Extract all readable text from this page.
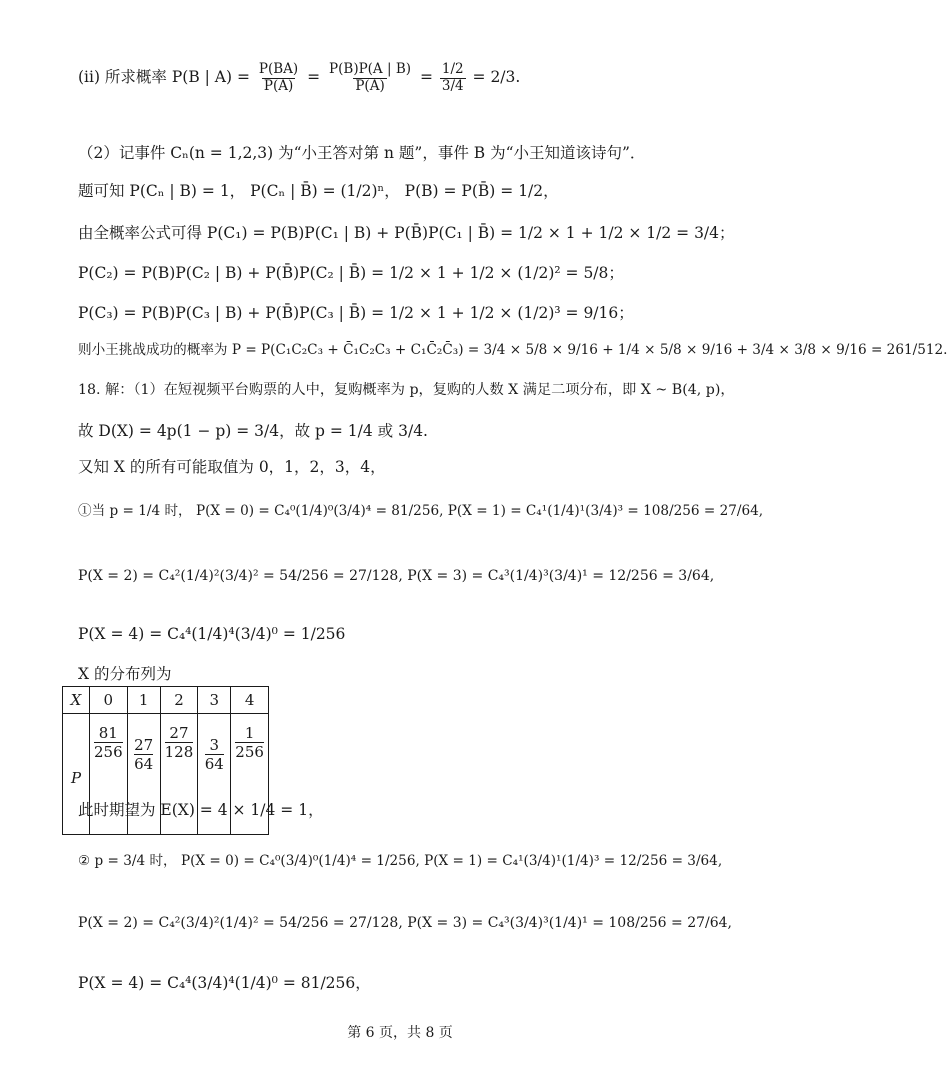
(ii) 所求概率 P(B | $A) = \frac{P(BA)}{P(A)} = \frac{P(B)P(A | B)}{P(A)} = \frac{1/2}{3/4} = 2/3$.
（2）记事件 Cₙ(n = 1,2,3) 为“小王答对第 n 题”，事件 B 为“小王知道该诗句”．
题可知 P(Cₙ | B) = 1， P(Cₙ | B̄) = (1/2)ⁿ， P(B) = P(B̄) = 1/2，
由全概率公式可得 P(C₁) = P(B)P(C₁ | B) + P(B̄)P(C₁ | B̄) = 1/2 × 1 + 1/2 × 1/2 = 3/4；
P(C₂) = P(B)P(C₂ | B) + P(B̄)P(C₂ | B̄) = 1/2 × 1 + 1/2 × (1/2)² = 5/8；
P(C₃) = P(B)P(C₃ | B) + P(B̄)P(C₃ | B̄) = 1/2 × 1 + 1/2 × (1/2)³ = 9/16；
则小王挑战成功的概率为 P = P(C₁C₂C₃ + C̄₁C₂C₃ + C₁C̄₂C̄₃) = 3/4 × 5/8 × 9/16 + 1/4 × 5/8 × 9/16 + 3/4 × 3/8 × 9/16 = 261/512.
18. 解：（1）在短视频平台购票的人中，复购概率为 p，复购的人数 X 满足二项分布，即 X ~ B(4, p)，
故 D(X) = 4p(1 − p) = 3/4，故 p = 1/4 或 3/4.
又知 X 的所有可能取值为 0，1，2，3，4，
①当 p = 1/4 时， P(X = 0) = C₄⁰(1/4)⁰(3/4)⁴ = 81/256, P(X = 1) = C₄¹(1/4)¹(3/4)³ = 108/256 = 27/64,
P(X = 2) = C₄²(1/4)²(3/4)² = 54/256 = 27/128, P(X = 3) = C₄³(1/4)³(3/4)¹ = 12/256 = 3/64,
P(X = 4) = C₄⁴(1/4)⁴(3/4)⁰ = 1/256
X 的分布列为
X	0	1	2	3	4
P	$\frac{81}{256}$	$\frac{27}{64}$	$\frac{27}{128}$	$\frac{3}{64}$	$\frac{1}{256}$
此时期望为 E(X) = 4 × 1/4 = 1，
② p = 3/4 时， P(X = 0) = C₄⁰(3/4)⁰(1/4)⁴ = 1/256, P(X = 1) = C₄¹(3/4)¹(1/4)³ = 12/256 = 3/64,
P(X = 2) = C₄²(3/4)²(1/4)² = 54/256 = 27/128, P(X = 3) = C₄³(3/4)³(1/4)¹ = 108/256 = 27/64,
P(X = 4) = C₄⁴(3/4)⁴(1/4)⁰ = 81/256，
第 6 页，共 8 页
